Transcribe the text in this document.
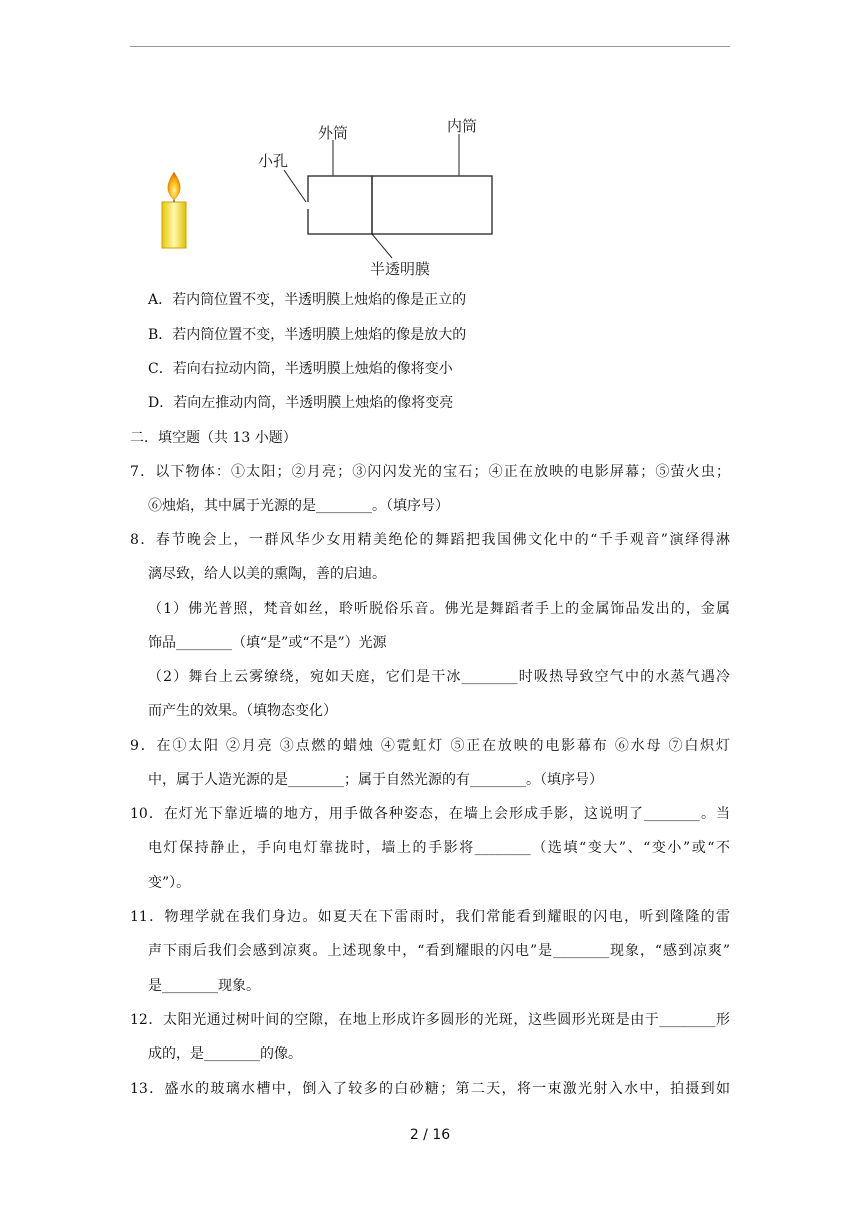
外筒	内筒
小孔
半透明膜
A．若内筒位置不变，半透明膜上烛焰的像是正立的
B．若内筒位置不变，半透明膜上烛焰的像是放大的
C．若向右拉动内筒，半透明膜上烛焰的像将变小
D．若向左推动内筒，半透明膜上烛焰的像将变亮
二．填空题（共 13 小题）
7．以下物体：①太阳；②月亮；③闪闪发光的宝石；④正在放映的电影屏幕；⑤萤火虫；
⑥烛焰，其中属于光源的是________。（填序号）
8．春节晚会上，一群风华少女用精美绝伦的舞蹈把我国佛文化中的“千手观音”演绎得淋
漓尽致，给人以美的熏陶，善的启迪。
（1）佛光普照，梵音如丝，聆听脱俗乐音。佛光是舞蹈者手上的金属饰品发出的，金属
饰品________（填“是”或“不是”）光源
（2）舞台上云雾缭绕，宛如天庭，它们是干冰________时吸热导致空气中的水蒸气遇冷
而产生的效果。（填物态变化）
9．在①太阳 ②月亮 ③点燃的蜡烛 ④霓虹灯 ⑤正在放映的电影幕布 ⑥水母 ⑦白炽灯
中，属于人造光源的是________；属于自然光源的有________。（填序号）
10．在灯光下靠近墙的地方，用手做各种姿态，在墙上会形成手影，这说明了________。当
电灯保持静止，手向电灯靠拢时，墙上的手影将________（选填“变大”、“变小”或“不
变”）。
11．物理学就在我们身边。如夏天在下雷雨时，我们常能看到耀眼的闪电，听到隆隆的雷
声下雨后我们会感到凉爽。上述现象中，“看到耀眼的闪电”是________现象，“感到凉爽”
是________现象。
12．太阳光通过树叶间的空隙，在地上形成许多圆形的光斑，这些圆形光斑是由于________形
成的，是________的像。
13．盛水的玻璃水槽中，倒入了较多的白砂糖；第二天，将一束激光射入水中，拍摄到如
2 / 16
